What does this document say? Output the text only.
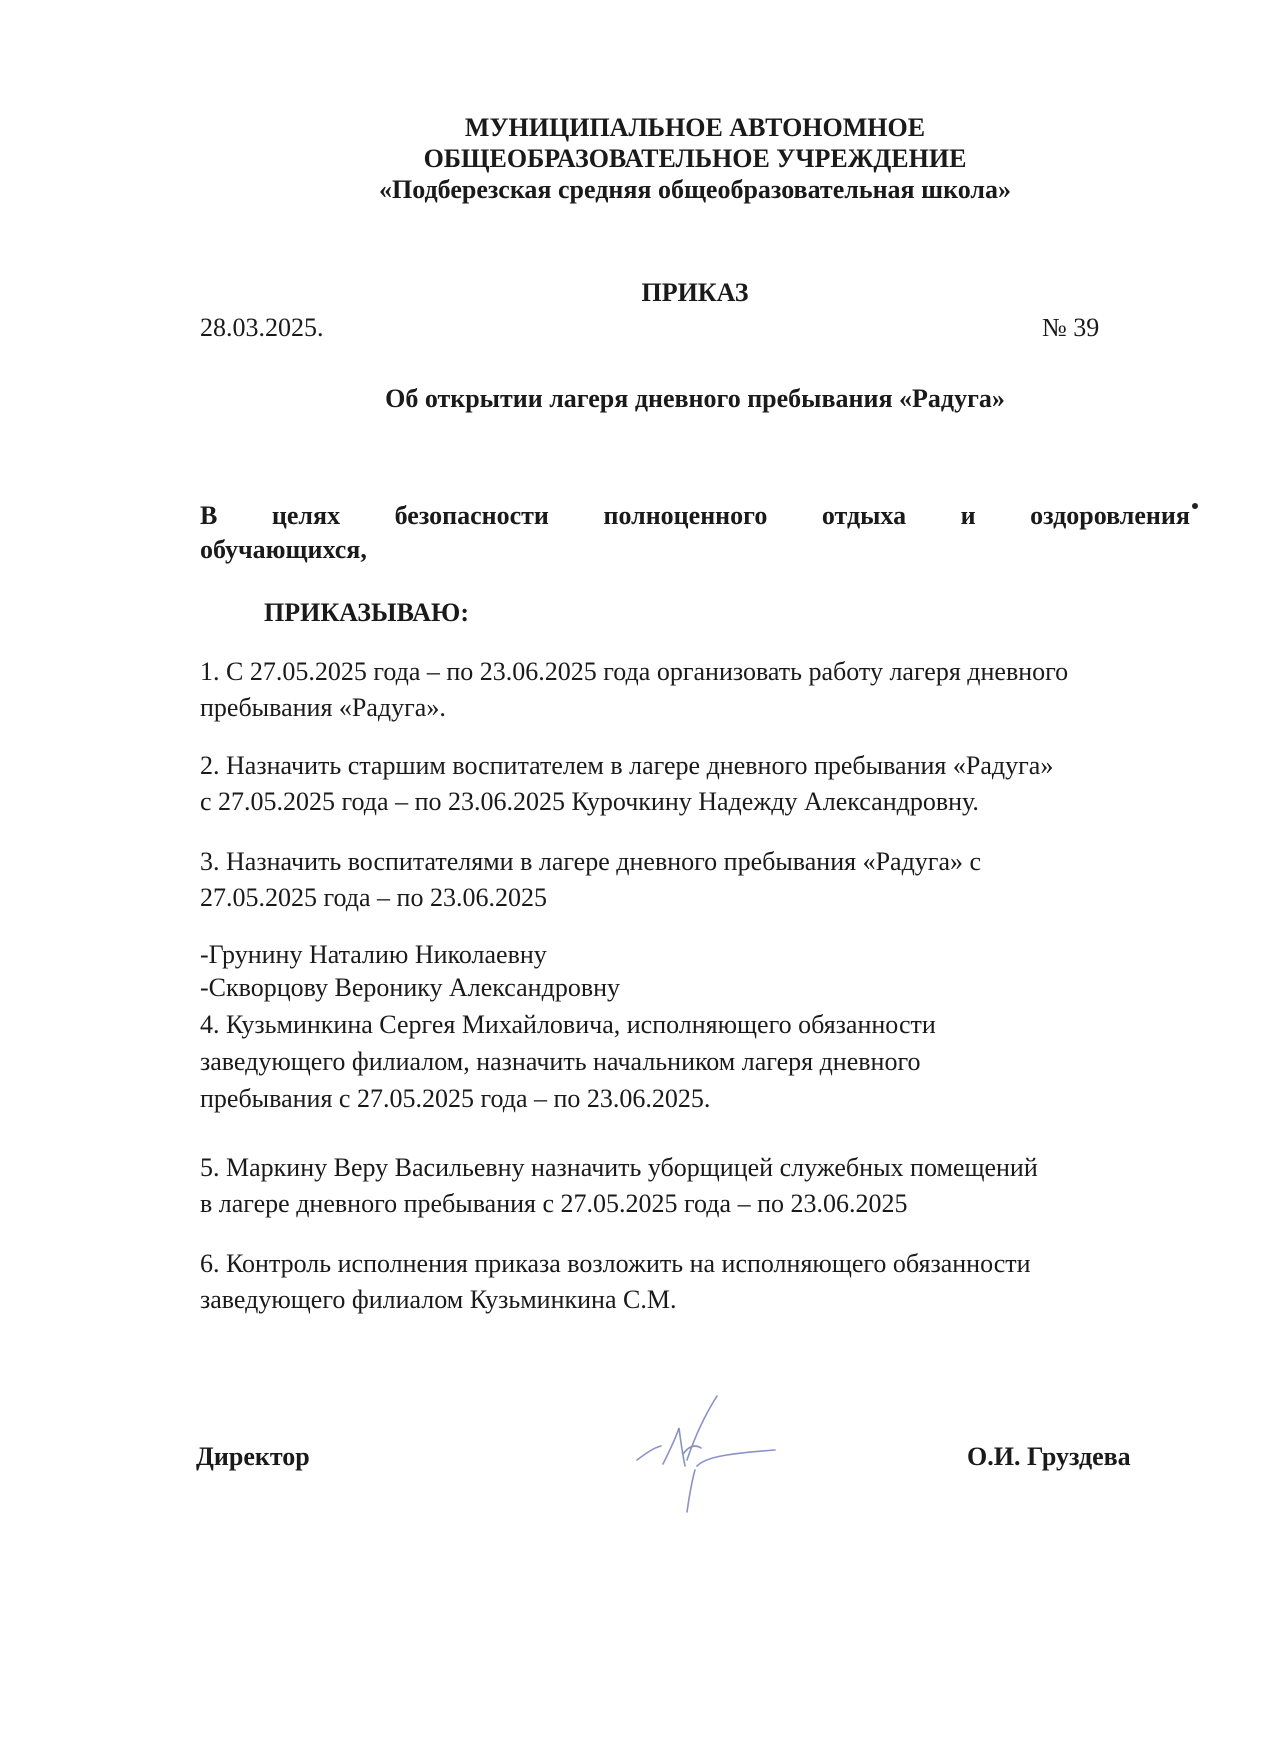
МУНИЦИПАЛЬНОЕ АВТОНОМНОЕ
ОБЩЕОБРАЗОВАТЕЛЬНОЕ УЧРЕЖДЕНИЕ
«Подберезская средняя общеобразовательная школа»
ПРИКАЗ
28.03.2025.	№ 39
Об открытии лагеря дневного пребывания «Радуга»
В целях безопасности полноценного отдыха и оздоровления
обучающихся,
ПРИКАЗЫВАЮ:
1. С 27.05.2025 года – по 23.06.2025 года организовать работу лагеря дневного
пребывания «Радуга».
2. Назначить старшим воспитателем в лагере дневного пребывания «Радуга»
с 27.05.2025 года – по 23.06.2025 Курочкину Надежду Александровну.
3. Назначить воспитателями в лагере дневного пребывания «Радуга» с
27.05.2025 года – по 23.06.2025
-Грунину Наталию Николаевну
-Скворцову Веронику Александровну
4. Кузьминкина Сергея Михайловича, исполняющего обязанности
заведующего филиалом, назначить начальником лагеря дневного
пребывания с 27.05.2025 года – по 23.06.2025.
5. Маркину Веру Васильевну назначить уборщицей служебных помещений
в лагере дневного пребывания с 27.05.2025 года – по 23.06.2025
6. Контроль исполнения приказа возложить на исполняющего обязанности
заведующего филиалом Кузьминкина С.М.
Директор	О.И. Груздева
